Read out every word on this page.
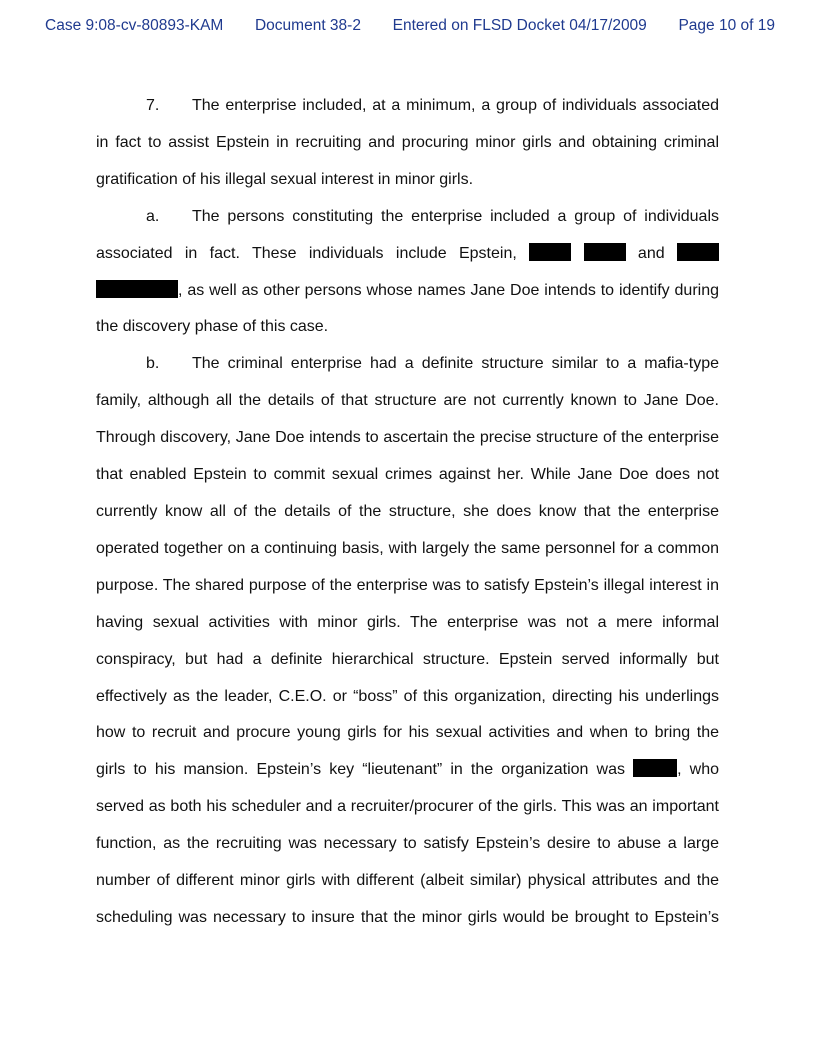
Case 9:08-cv-80893-KAM Document 38-2 Entered on FLSD Docket 04/17/2009 Page 10 of 19

7. The enterprise included, at a minimum, a group of individuals associated in fact to assist Epstein in recruiting and procuring minor girls and obtaining criminal gratification of his illegal sexual interest in minor girls.

a. The persons constituting the enterprise included a group of individuals associated in fact. These individuals include Epstein,	and  , as well as other persons whose names Jane Doe intends to identify during the discovery phase of this case.

b. The criminal enterprise had a definite structure similar to a mafia-type family, although all the details of that structure are not currently known to Jane Doe. Through discovery, Jane Doe intends to ascertain the precise structure of the enterprise that enabled Epstein to commit sexual crimes against her. While Jane Doe does not currently know all of the details of the structure, she does know that the enterprise operated together on a continuing basis, with largely the same personnel for a common purpose. The shared purpose of the enterprise was to satisfy Epstein’s illegal interest in having sexual activities with minor girls. The enterprise was not a mere informal conspiracy, but had a definite hierarchical structure. Epstein served informally but effectively as the leader, C.E.O. or “boss” of this organization, directing his underlings how to recruit and procure young girls for his sexual activities and when to bring the girls to his mansion. Epstein’s key “lieutenant” in the organization was	, who served as both his scheduler and a recruiter/procurer of the girls. This was an important function, as the recruiting was necessary to satisfy Epstein’s desire to abuse a large number of different minor girls with different (albeit similar) physical attributes and the scheduling was necessary to insure that the minor girls would be brought to Epstein’s
